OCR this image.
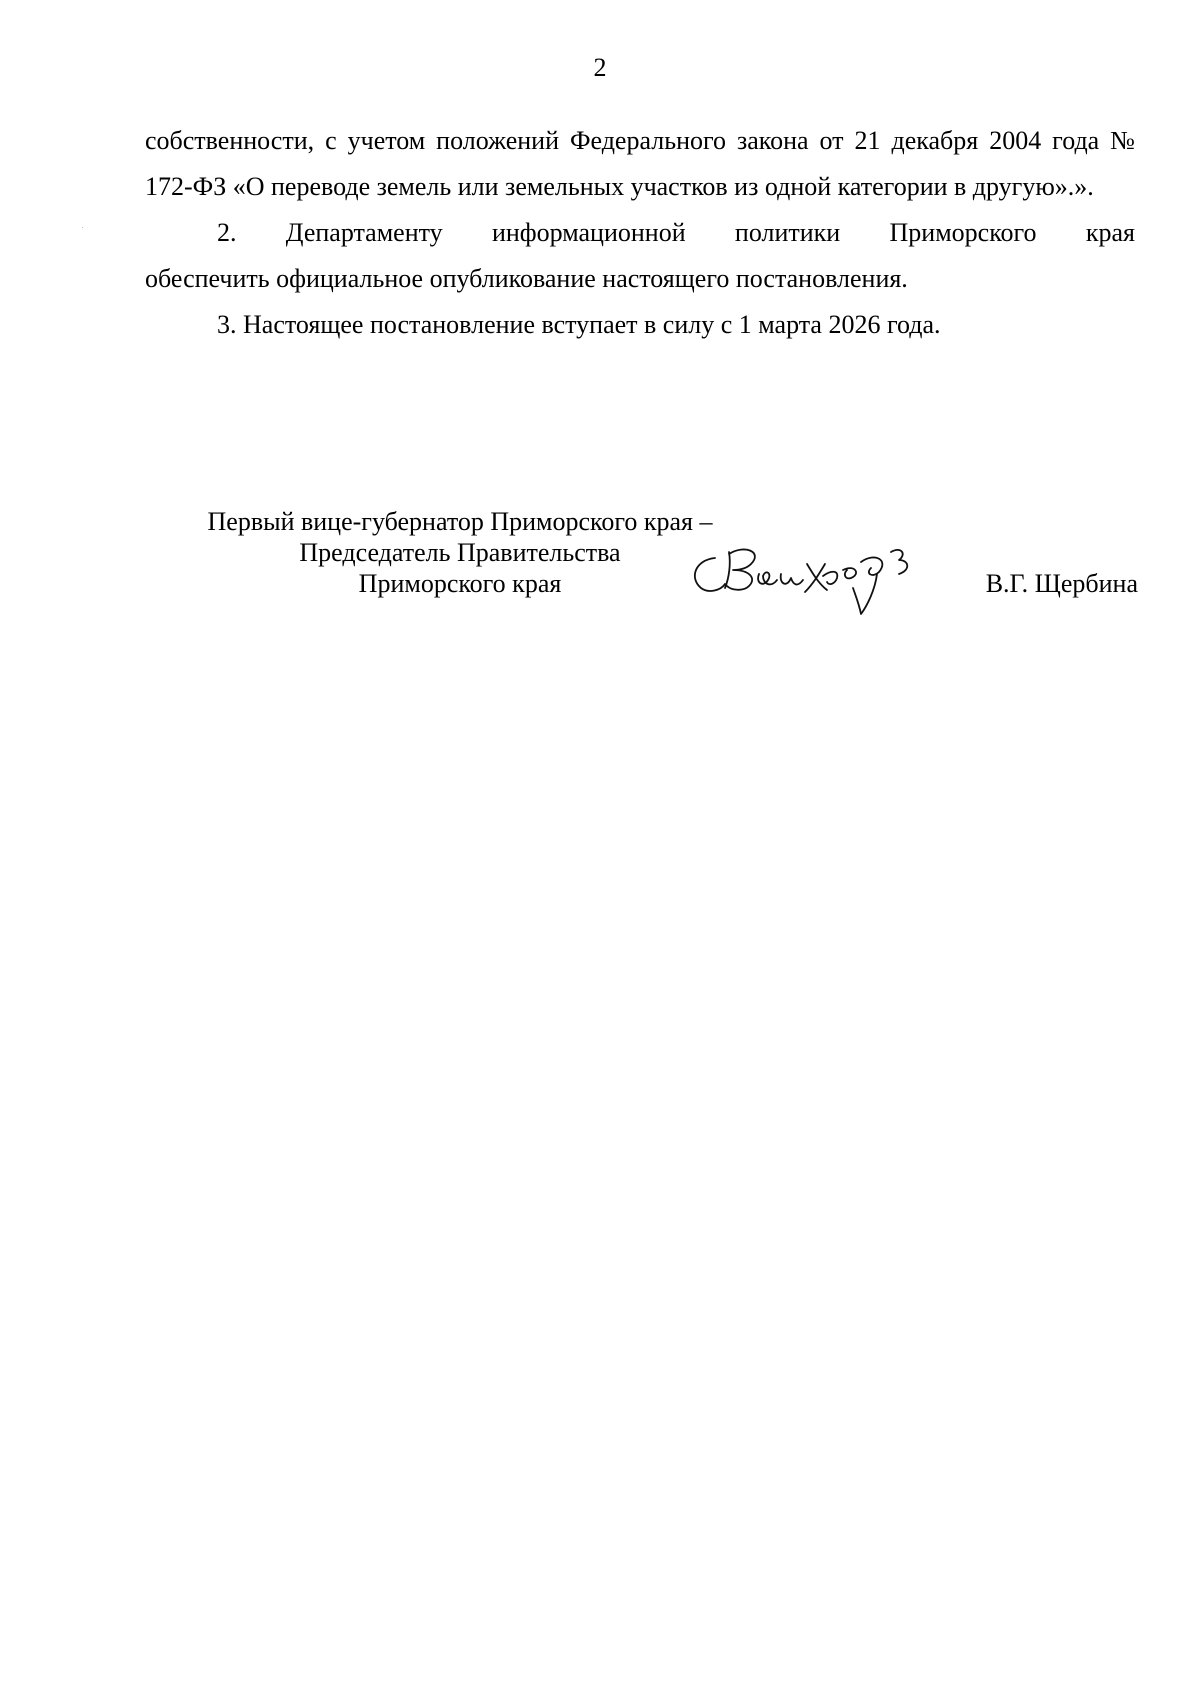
2

собственности, с учетом положений Федерального закона от 21 декабря 2004 года № 172-ФЗ «О переводе земель или земельных участков из одной категории в другую».».

2. Департаменту информационной политики Приморского края
обеспечить официальное опубликование настоящего постановления.

3. Настоящее постановление вступает в силу с 1 марта 2026 года.

Первый вице-губернатор Приморского края –
Председатель Правительства
Приморского края	В.Г. Щербина
